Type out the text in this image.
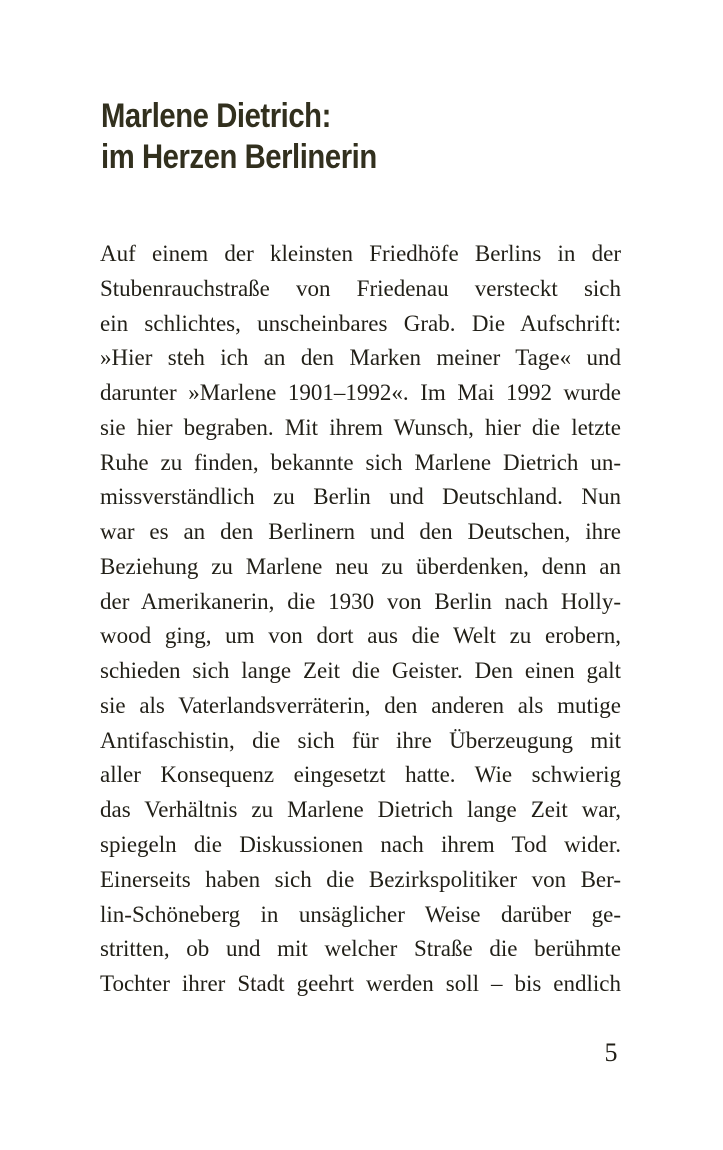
Marlene Dietrich:
im Herzen Berlinerin
Auf einem der kleinsten Friedhöfe Berlins in der
Stubenrauchstraße von Friedenau versteckt sich
ein schlichtes, unscheinbares Grab. Die Aufschrift:
»Hier steh ich an den Marken meiner Tage« und
darunter »Marlene 1901–1992«. Im Mai 1992 wurde
sie hier begraben. Mit ihrem Wunsch, hier die letzte
Ruhe zu finden, bekannte sich Marlene Dietrich un-
missverständlich zu Berlin und Deutschland. Nun
war es an den Berlinern und den Deutschen, ihre
Beziehung zu Marlene neu zu überdenken, denn an
der Amerikanerin, die 1930 von Berlin nach Holly-
wood ging, um von dort aus die Welt zu erobern,
schieden sich lange Zeit die Geister. Den einen galt
sie als Vaterlandsverräterin, den anderen als mutige
Antifaschistin, die sich für ihre Überzeugung mit
aller Konsequenz eingesetzt hatte. Wie schwierig
das Verhältnis zu Marlene Dietrich lange Zeit war,
spiegeln die Diskussionen nach ihrem Tod wider.
Einerseits haben sich die Bezirkspolitiker von Ber-
lin-Schöneberg in unsäglicher Weise darüber ge-
stritten, ob und mit welcher Straße die berühmte
Tochter ihrer Stadt geehrt werden soll – bis endlich
5
